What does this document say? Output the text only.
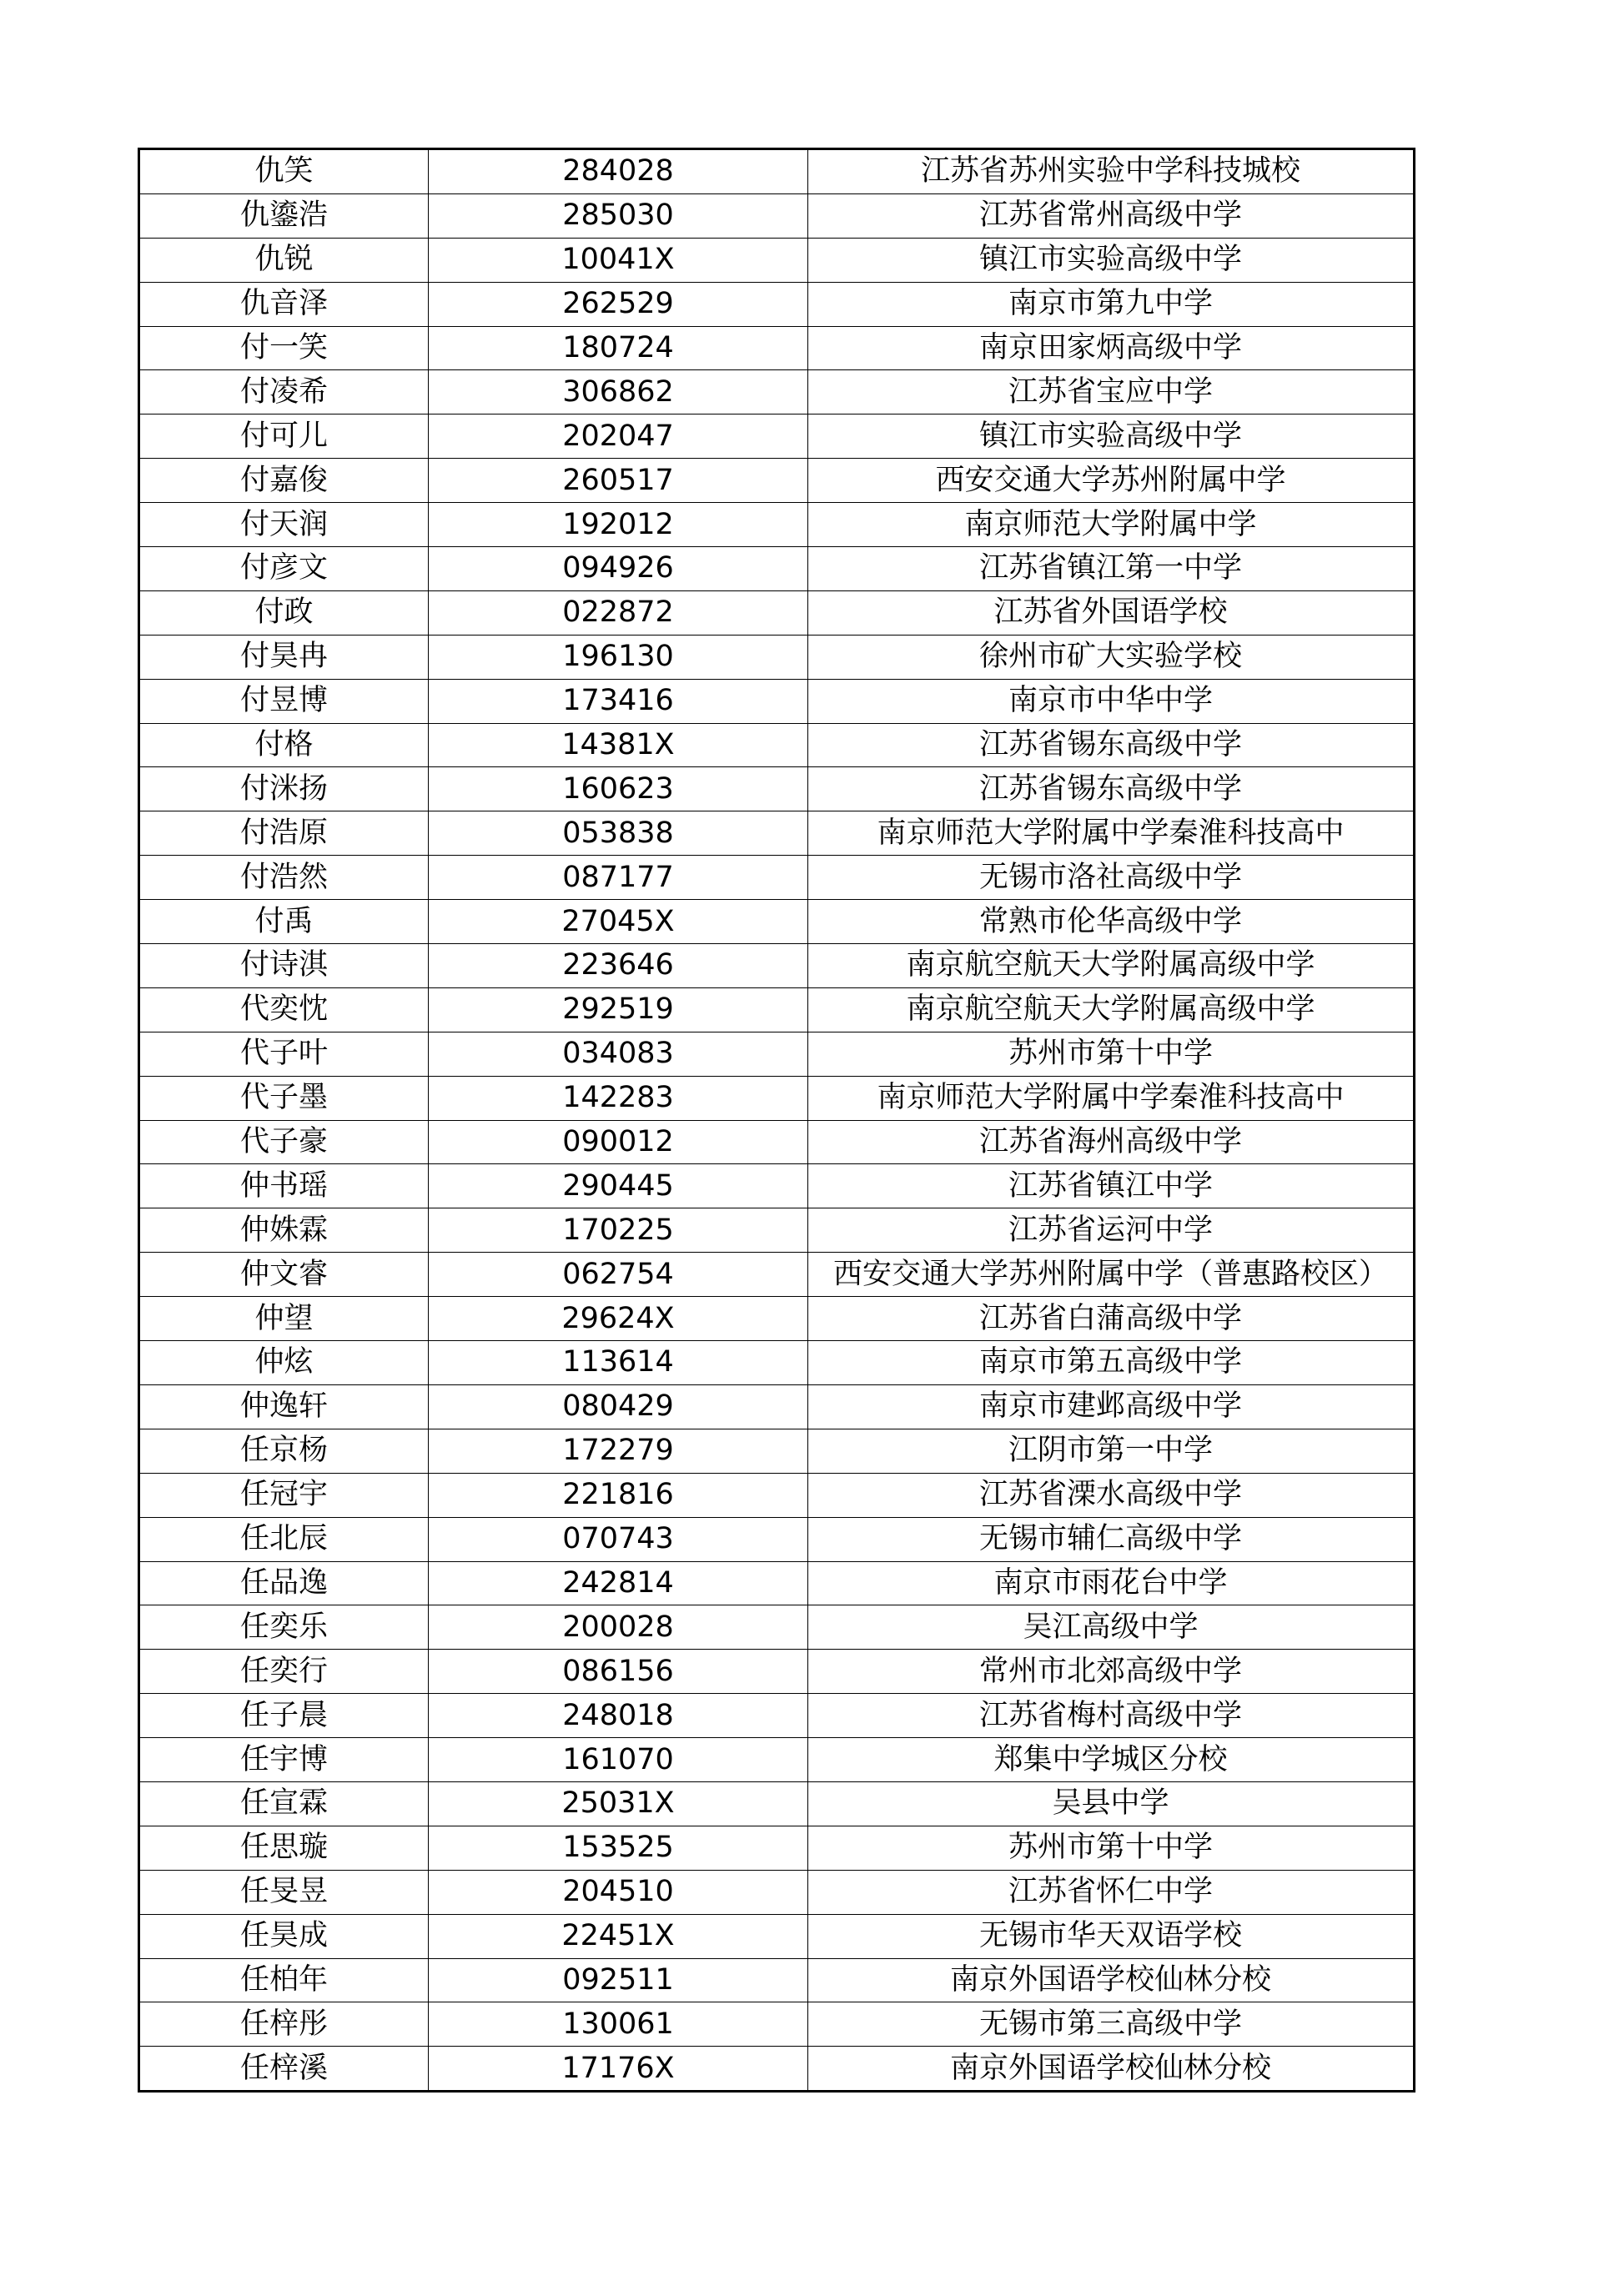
仇笑	284028	江苏省苏州实验中学科技城校
仇鎏浩	285030	江苏省常州高级中学
仇锐	10041X	镇江市实验高级中学
仇音泽	262529	南京市第九中学
付一笑	180724	南京田家炳高级中学
付凌希	306862	江苏省宝应中学
付可儿	202047	镇江市实验高级中学
付嘉俊	260517	西安交通大学苏州附属中学
付天润	192012	南京师范大学附属中学
付彦文	094926	江苏省镇江第一中学
付政	022872	江苏省外国语学校
付昊冉	196130	徐州市矿大实验学校
付昱博	173416	南京市中华中学
付格	14381X	江苏省锡东高级中学
付洣扬	160623	江苏省锡东高级中学
付浩原	053838	南京师范大学附属中学秦淮科技高中
付浩然	087177	无锡市洛社高级中学
付禹	27045X	常熟市伦华高级中学
付诗淇	223646	南京航空航天大学附属高级中学
代奕忱	292519	南京航空航天大学附属高级中学
代子叶	034083	苏州市第十中学
代子墨	142283	南京师范大学附属中学秦淮科技高中
代子豪	090012	江苏省海州高级中学
仲书瑶	290445	江苏省镇江中学
仲姝霖	170225	江苏省运河中学
仲文睿	062754	西安交通大学苏州附属中学（普惠路校区）
仲望	29624X	江苏省白蒲高级中学
仲炫	113614	南京市第五高级中学
仲逸轩	080429	南京市建邺高级中学
任京杨	172279	江阴市第一中学
任冠宇	221816	江苏省溧水高级中学
任北辰	070743	无锡市辅仁高级中学
任品逸	242814	南京市雨花台中学
任奕乐	200028	吴江高级中学
任奕行	086156	常州市北郊高级中学
任子晨	248018	江苏省梅村高级中学
任宇博	161070	郑集中学城区分校
任宣霖	25031X	吴县中学
任思璇	153525	苏州市第十中学
任旻昱	204510	江苏省怀仁中学
任昊成	22451X	无锡市华天双语学校
任柏年	092511	南京外国语学校仙林分校
任梓彤	130061	无锡市第三高级中学
任梓溪	17176X	南京外国语学校仙林分校
